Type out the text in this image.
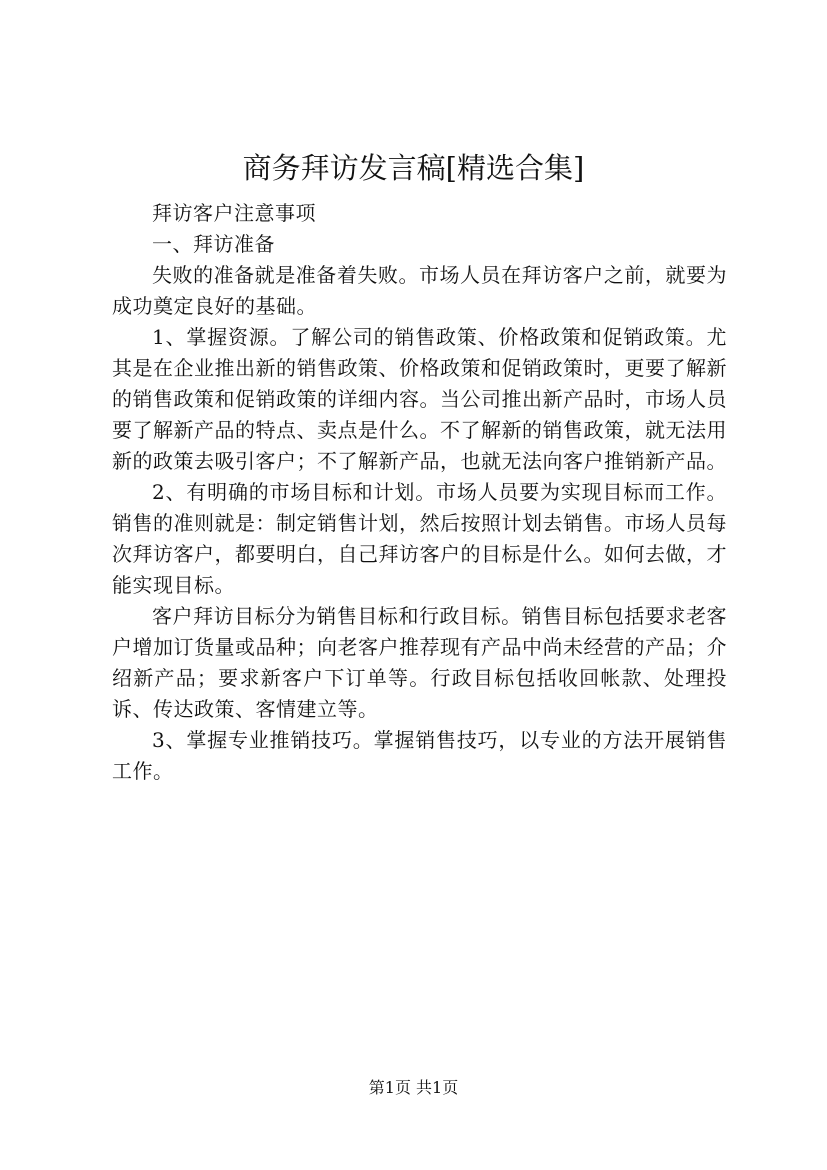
商务拜访发言稿[精选合集]

拜访客户注意事项

一、拜访准备

失败的准备就是准备着失败。市场人员在拜访客户之前，就要为成功奠定良好的基础。

1、掌握资源。了解公司的销售政策、价格政策和促销政策。尤其是在企业推出新的销售政策、价格政策和促销政策时，更要了解新的销售政策和促销政策的详细内容。当公司推出新产品时，市场人员要了解新产品的特点、卖点是什么。不了解新的销售政策，就无法用新的政策去吸引客户；不了解新产品，也就无法向客户推销新产品。

2、有明确的市场目标和计划。市场人员要为实现目标而工作。销售的准则就是：制定销售计划，然后按照计划去销售。市场人员每次拜访客户，都要明白，自己拜访客户的目标是什么。如何去做，才能实现目标。

客户拜访目标分为销售目标和行政目标。销售目标包括要求老客户增加订货量或品种；向老客户推荐现有产品中尚未经营的产品；介绍新产品；要求新客户下订单等。行政目标包括收回帐款、处理投诉、传达政策、客情建立等。

3、掌握专业推销技巧。掌握销售技巧，以专业的方法开展销售工作。

第1页 共1页
